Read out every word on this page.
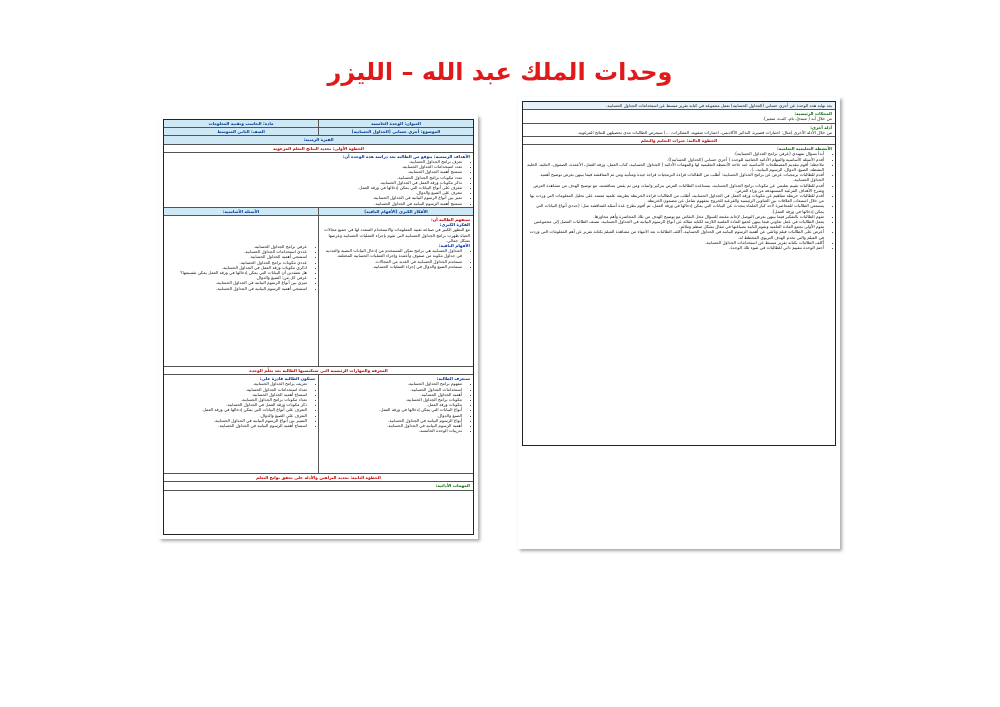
وحدات الملك عبد الله – الليزر
العنوان: الوحدة الخامسة
مادة: الحاسب وتقنية المعلومات
الموضوع: أجري حسابي (الجداول الحسابية)
الصف: الثاني المتوسط
الفترة الزمنية:
الخطوة الأولى: تحديد النتائج التعلم المرغوبة
الأهداف الرسمية: يتوقع من الطالبة بعد دراسة هذه الوحدة أن:
• تعرف برامج الجداول الحسابية.
• تعدد استخدامات الجداول الحسابية.
• تستنتج أهمية الجداول الحسابية.
• تعدد مكونات برامج الجداول الحسابية.
• تذكر مكونات ورقة العمل في الجداول الحسابية.
• تتعرف على أنواع البيانات التي يمكن إدخالها في ورقة العمل.
• تتعرف على الصيغ والدوال.
• تميز بين أنواع الرسوم البيانية في الجداول الحسابية.
• تستنتج أهمية الرسوم البيانية في الجداول الحسابية.
الأفكار الكبرى (الأفهام الباقية)
الأسئلة الأساسية:
ستفهم الطالبة أن:
الفكرة الكبرى:
مع التطور الكبير في صناعة تقنية المعلومات والاستخدام المتعدد لها في جميع مجالات الحياة ظهرت برامج الجداول الحسابية التي تقوم بإجراء العمليات الحسابية وعرضها بشكل جمالي.
الأفهام الباقية:
• الجداول الحسابية هي برامج تمكن المستخدم من إدخال البيانات النصية والعددية في جداول مكونة من صفوف وأعمدة وإجراء العمليات الحسابية المختلفة.
• تستخدم الجداول الحسابية في العديد من المجالات.
• تستخدم الصيغ والدوال في إجراء العمليات الحسابية.
• عرفي برامج الجداول الحسابية.
• عددي استخدامات الجداول الحسابية.
• استنتجي أهمية الجداول الحسابية.
• عددي مكونات برامج الجداول الحسابية.
• اذكري مكونات ورقة العمل في الجداول الحسابية.
• هل تعتقدين أن البيانات التي يمكن إدخالها في ورقة العمل يمكن تقسيمها؟
• عرفي كل من: الصيغ والدوال.
• ميزي بين أنواع الرسوم البيانية في الجداول الحسابية.
• استنتجي أهمية الرسوم البيانية في الجداول الحسابية.
المعرفة والمهارات الرئيسية التي ستكتسبها الطالبة بعد تعلّم الوحدة
ستعرف الطالبة:
• مفهوم برامج الجداول الحسابية.
• استخدامات الجداول الحسابية.
• أهمية الجداول الحسابية.
• مكونات برامج الجداول الحسابية.
• مكونات ورقة العمل.
• أنواع البيانات التي يمكن إدخالها في ورقة العمل.
• الصيغ والدوال.
• أنواع الرسوم البيانية في الجداول الحسابية.
• أهمية الرسوم البيانية في الجداول الحسابية.
• تدريبات الوحدة الخامسة.
ستكون الطالبة قادرة على:
• تعريف برامج الجداول الحسابية.
• تعداد استخدامات الجداول الحسابية.
• استنتاج أهمية الجداول الحسابية.
• تعداد مكونات برامج الجداول الحسابية.
• ذكر مكونات ورقة العمل في الجداول الحسابية.
• التعرف على أنواع البيانات التي يمكن إدخالها في ورقة العمل.
• التعرف على الصيغ والدوال.
• التمييز بين أنواع الرسوم البيانية في الجداول الحسابية.
• استنتاج أهمية الرسوم البيانية في الجداول الحسابية.
الخطوة الثانية: تحديد البراهين والأدلة على تحقق نواتج التعلم
المهمات الأدائية:
بعد نهاية هذه الوحدة عن أجري حسابي (الجداول الحسابية) تعمل مجموعة في كتابة تقرير مبسط عن استخدامات الجداول الحسابية.
المحكات الرئيسية:
من خلال أنه ( مبتدئ، نام، كفء، متميز).
أدلة أخرى:
من خلال الأدلة الأخرى (مثال: اختبارات قصيرة، التذكير الأكاديمي، اختبارات شفوية، المفكرات، ...) سيعرض الطالبات مدى تحصيلهن للنتائج المرغوبة.
الخطوة الثالثة: خبرات التعليم والتعلم
الأنشطة التعليمية التعلمية:
• أبدأ بسؤال تمهيدي (عرفي برامج الجداول الحسابية).
• أقدم الأسئلة الأساسية والمهام الأدائية الختامية للوحدة ( أجري حسابي (الجداول الحسابية)).
• ملاحظة: أقوم بتقديم المصطلحات الأساسية عند حاجة الأنشطة التعليمية لها والمهمات الأدائية ( الجداول الحسابية، كتاب العمل، ورقة العمل، الأعمدة، الصفوف، الخلية، الخلية النشطة، الصيغ، الدوال، الرسوم البيانية...).
• أقدم للطالبات برمجيات عرض عن برامج الجداول الحسابية: أطلب من الطالبات قراءة البرمجيات قراءة جيدة ومتأنية ومن ثم المناقشة فيما بينهن بغرض توضيح أهمية الجداول الحسابية.
• أقدم للطالبات تقييم تعليمي عن مكونات برامج الجداول الحسابية، بمساعدة الطالبات العرض بتركيز وانتباه، ومن ثم يقمن بمناقشته، مع توضيح الهدف من مشاهدة العرض وشرح الأهداف الفرعية المستهدفة من وراء العرض.
• أقدم للطالبات خريطة مفاهيم عن مكونات ورقة العمل في الجداول الحسابية، أطلب من الطالبات قراءة الخريطة بطريقة علمية معتمد على تحليل المعلومات التي وردت بها من خلال استيعاب العلاقات بين العناوين الرئيسية والفرعية للخروج بمفهوم شامل عن مضمون الخريطة.
• يستمعن الطالبات للمحاضرة لأحد كبار العلماء يتحدث عن البيانات التي يمكن إدخالها في ورقة العمل، ثم أقوم بطرح عدة أسئلة للمناقشة مثل: (حددي أنواع البيانات التي يمكن إدخالها في ورقة العمل).
• تقوم الطالبات بالتفكير فيما بينهن بغرض التوصل لإجابة مقنعة للسؤال محل النقاش مع توضيح الهدف من تلك المحاضرة وأهم محاورها.
• يعمل الطالبات في عمل تعاوني فيما بينهن لجمع المادة العلمية اللازمة لكتابة مقالة عن أنواع الرسوم البيانية في الجداول الحسابية، تصنف الطالبات الفصل إلى مجموعتين تقوم الأولى بجمع المادة العلمية وتقوم الثانية بصياغتها في مقال بشكل منظم وملائم.
• أعرض على الطالبات فيلم وثائقي عن أهمية الرسوم البيانية في الجداول الحسابية، أكلف الطالبات بعد الانتهاء من مشاهدة الفيلم بكتابة تقرير عن أهم المعلومات التي وردت في الفيلم والتي تخدم الهدف التربوي المخطط له.
• أكلف الطالبات بكتابة تقرير مبسط عن استخدامات الجداول الحسابية.
• أختم الوحدة بتقييم ذاتي للطالبات في ضوء تلك الوحدة.
